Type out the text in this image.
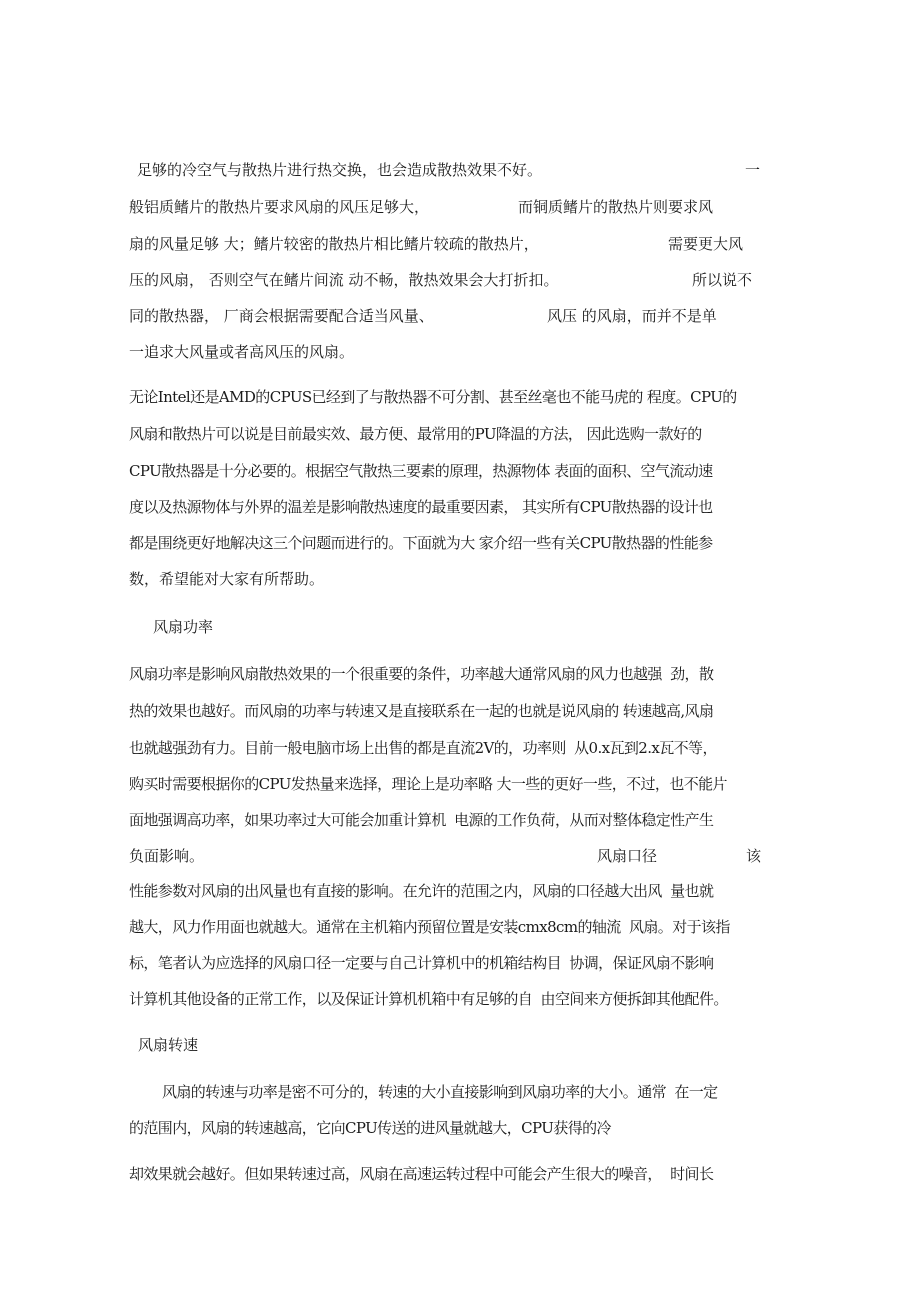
足够的冷空气与散热片进行热交换，也会造成散热效果不好。	一

般铝质鳍片的散热片要求风扇的风压足够大，	而铜质鳍片的散热片则要求风

扇的风量足够 大；鳍片较密的散热片相比鳍片较疏的散热片，	需要更大风

压的风扇， 否则空气在鳍片间流 动不畅，散热效果会大打折扣。	所以说不

同的散热器， 厂商会根据需要配合适当风量、	风压 的风扇，而并不是单

一追求大风量或者高风压的风扇。

无论Intel还是AMD的CPUS已经到了与散热器不可分割、甚至丝毫也不能马虎的 程度。CPU的

风扇和散热片可以说是目前最实效、最方便、最常用的PU降温的方法， 因此选购一款好的

CPU散热器是十分必要的。根据空气散热三要素的原理，热源物体 表面的面积、空气流动速

度以及热源物体与外界的温差是影响散热速度的最重要因素， 其实所有CPU散热器的设计也

都是围绕更好地解决这三个问题而进行的。下面就为大 家介绍一些有关CPU散热器的性能参

数，希望能对大家有所帮助。

风扇功率

风扇功率是影响风扇散热效果的一个很重要的条件，功率越大通常风扇的风力也越强  劲，散

热的效果也越好。而风扇的功率与转速又是直接联系在一起的也就是说风扇的 转速越高,风扇

也就越强劲有力。目前一般电脑市场上出售的都是直流2V的，功率则  从0.x瓦到2.x瓦不等，

购买时需要根据你的CPU发热量来选择，理论上是功率略 大一些的更好一些，不过，也不能片

面地强调高功率，如果功率过大可能会加重计算机  电源的工作负荷，从而对整体稳定性产生

负面影响。	风扇口径	该

性能参数对风扇的出风量也有直接的影响。在允许的范围之内，风扇的口径越大出风  量也就

越大，风力作用面也就越大。通常在主机箱内预留位置是安装cmx8cm的轴流  风扇。对于该指

标，笔者认为应选择的风扇口径一定要与自己计算机中的机箱结构目  协调，保证风扇不影响

计算机其他设备的正常工作，以及保证计算机机箱中有足够的自  由空间来方便拆卸其他配件。

风扇转速

风扇的转速与功率是密不可分的，转速的大小直接影响到风扇功率的大小。通常  在一定

的范围内，风扇的转速越高，它向CPU传送的进风量就越大，CPU获得的冷

却效果就会越好。但如果转速过高，风扇在高速运转过程中可能会产生很大的噪音，  时间长
